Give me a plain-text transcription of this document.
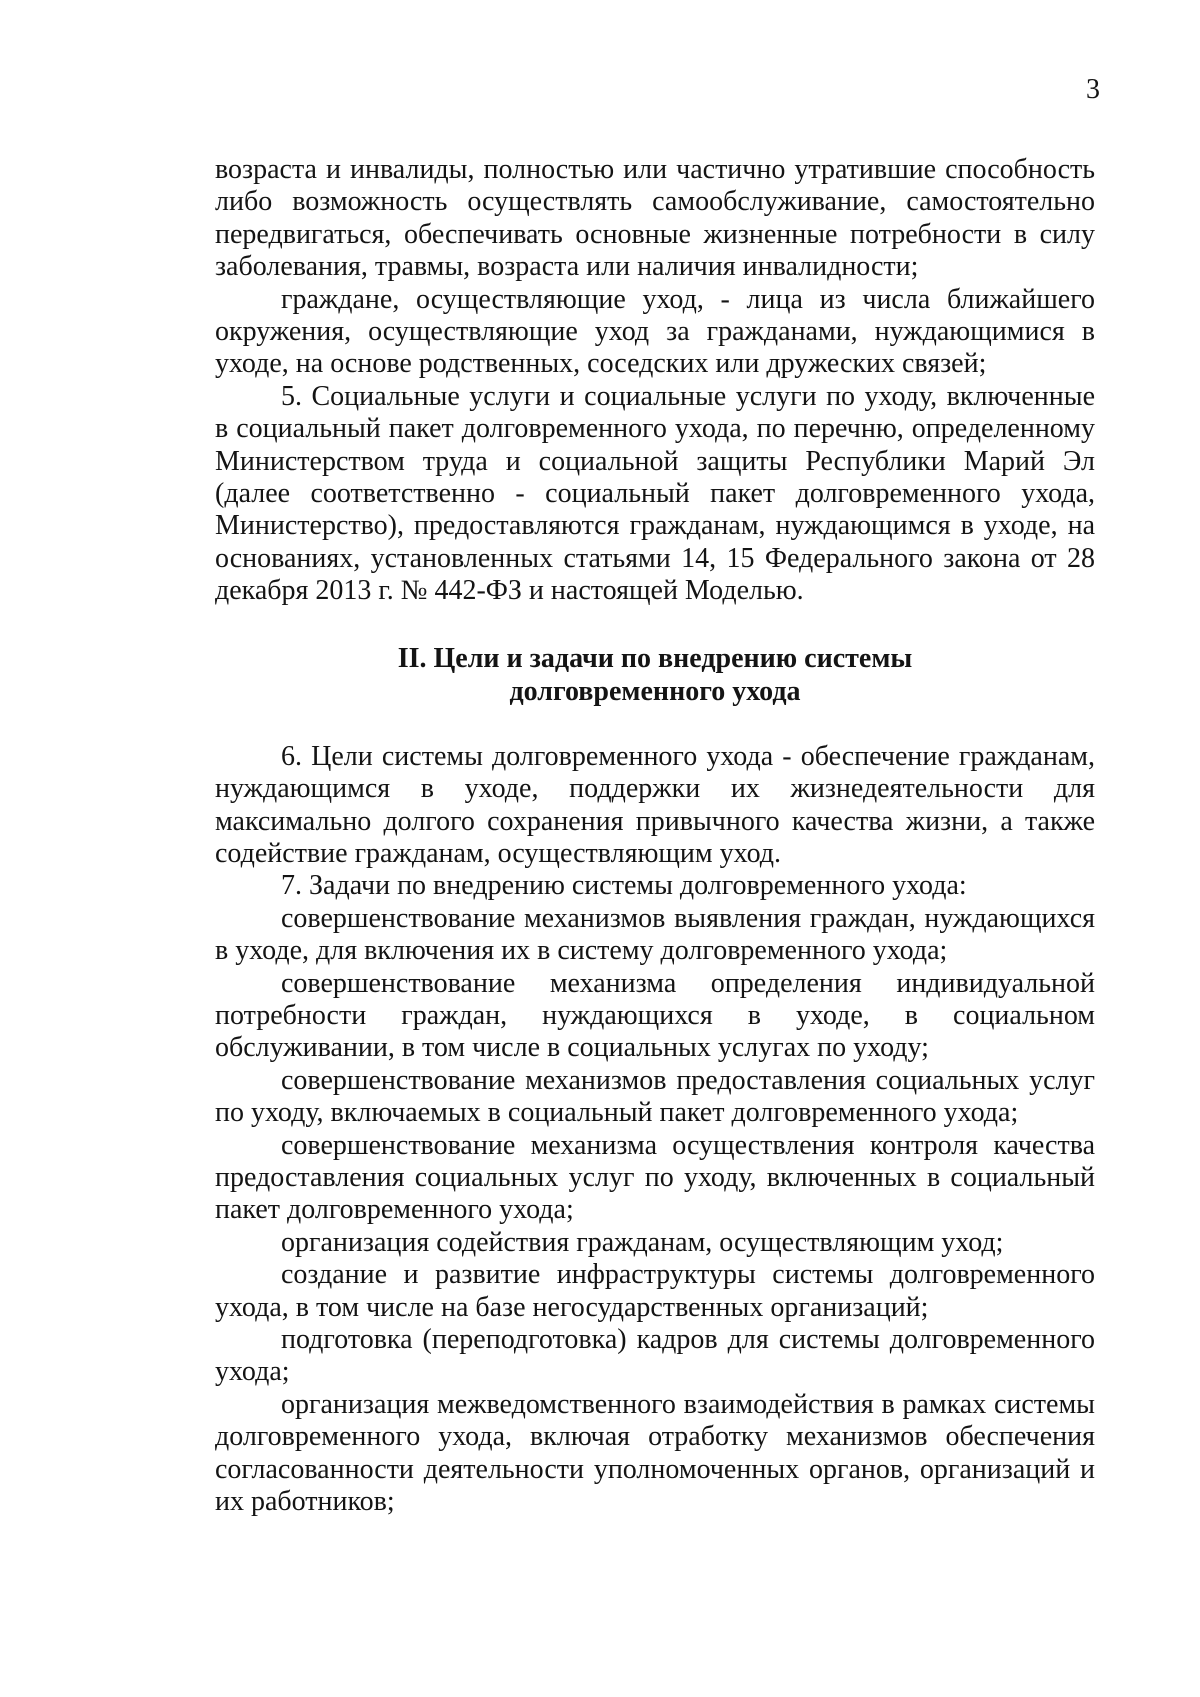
3

возраста и инвалиды, полностью или частично утратившие способность либо возможность осуществлять самообслуживание, самостоятельно передвигаться, обеспечивать основные жизненные потребности в силу заболевания, травмы, возраста или наличия инвалидности;

граждане, осуществляющие уход, - лица из числа ближайшего окружения, осуществляющие уход за гражданами, нуждающимися в уходе, на основе родственных, соседских или дружеских связей;

5. Социальные услуги и социальные услуги по уходу, включенные в социальный пакет долговременного ухода, по перечню, определенному Министерством труда и социальной защиты Республики Марий Эл (далее соответственно - социальный пакет долговременного ухода, Министерство), предоставляются гражданам, нуждающимся в уходе, на основаниях, установленных статьями 14, 15 Федерального закона от 28 декабря 2013 г. № 442-ФЗ и настоящей Моделью.

II. Цели и задачи по внедрению системы
долговременного ухода

6. Цели системы долговременного ухода - обеспечение гражданам, нуждающимся в уходе, поддержки их жизнедеятельности для максимально долгого сохранения привычного качества жизни, а также содействие гражданам, осуществляющим уход.

7. Задачи по внедрению системы долговременного ухода:

совершенствование механизмов выявления граждан, нуждающихся в уходе, для включения их в систему долговременного ухода;

совершенствование механизма определения индивидуальной потребности граждан, нуждающихся в уходе, в социальном обслуживании, в том числе в социальных услугах по уходу;

совершенствование механизмов предоставления социальных услуг по уходу, включаемых в социальный пакет долговременного ухода;

совершенствование механизма осуществления контроля качества предоставления социальных услуг по уходу, включенных в социальный пакет долговременного ухода;

организация содействия гражданам, осуществляющим уход;

создание и развитие инфраструктуры системы долговременного ухода, в том числе на базе негосударственных организаций;

подготовка (переподготовка) кадров для системы долговременного ухода;

организация межведомственного взаимодействия в рамках системы долговременного ухода, включая отработку механизмов обеспечения согласованности деятельности уполномоченных органов, организаций и их работников;
